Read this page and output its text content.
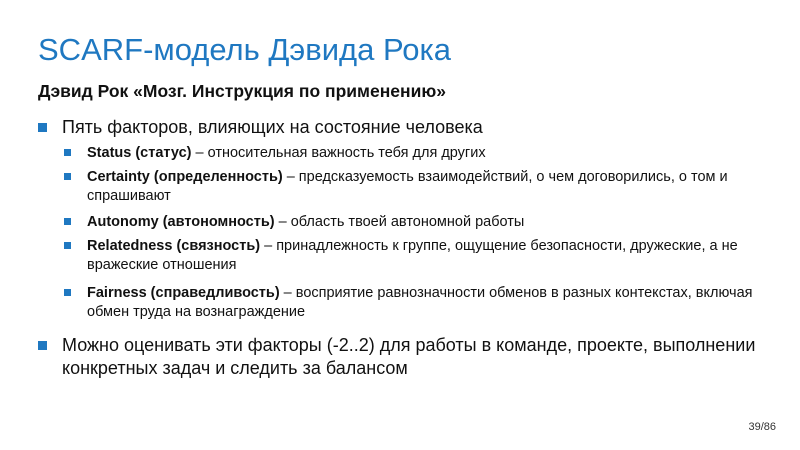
SCARF-модель Дэвида Рока
Дэвид Рок «Мозг. Инструкция по применению»
Пять факторов, влияющих на состояние человека
Status (статус) – относительная важность тебя для других
Certainty (определенность) – предсказуемость взаимодействий, о чем договорились, о том и спрашивают
Autonomy (автономность) – область твоей автономной работы
Relatedness (связность) – принадлежность к группе, ощущение безопасности, дружеские, а не вражеские отношения
Fairness (справедливость) – восприятие равнозначности обменов в разных контекстах, включая обмен труда на вознаграждение
Можно оценивать эти факторы (-2..2) для работы в команде, проекте, выполнении конкретных задач и следить за балансом
39/86
